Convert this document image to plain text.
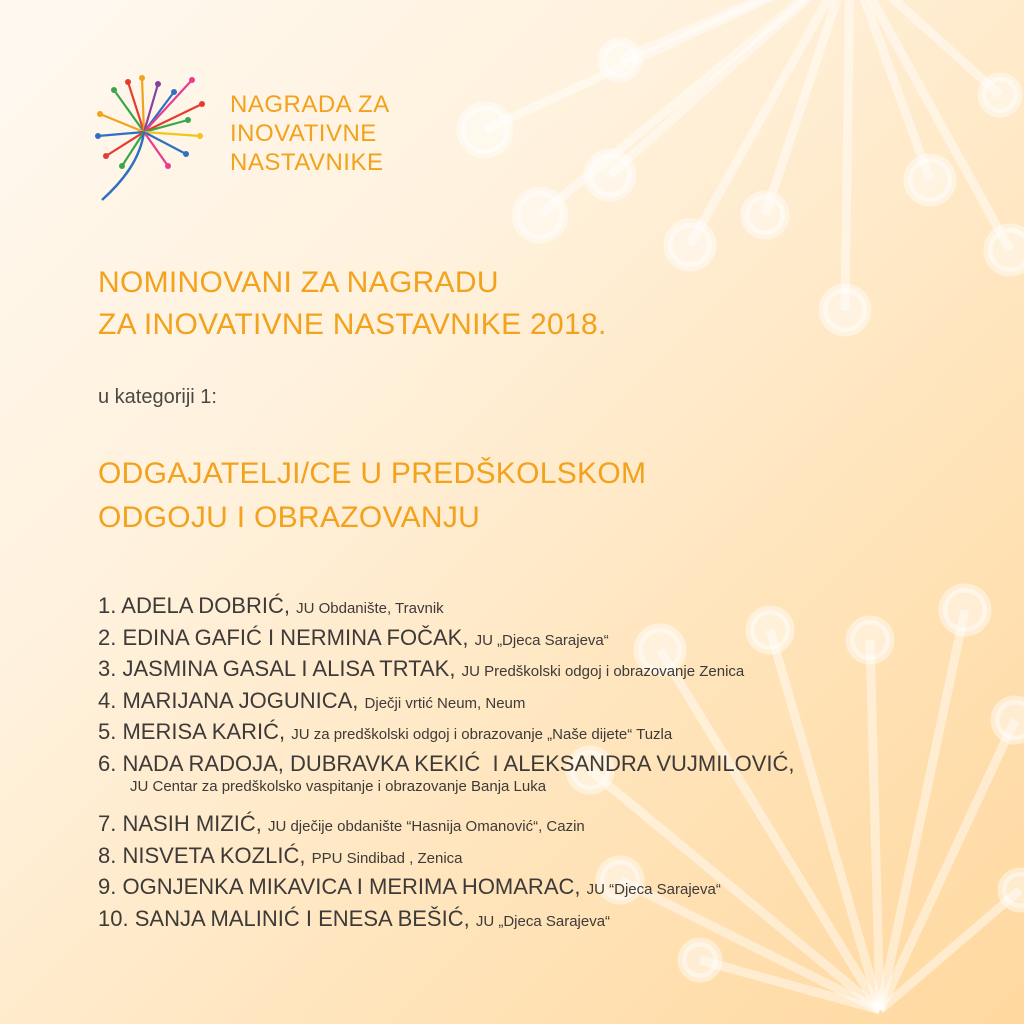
NAGRADA ZA
INOVATIVNE
NASTAVNIKE
NOMINOVANI ZA NAGRADU
ZA INOVATIVNE NASTAVNIKE 2018.
u kategoriji 1:
ODGAJATELJI/CE U PREDŠKOLSKOM
ODGOJU I OBRAZOVANJU
1. ADELA DOBRIĆ, JU Obdanište, Travnik
2. EDINA GAFIĆ I NERMINA FOČAK, JU „Djeca Sarajeva“
3. JASMINA GASAL I ALISA TRTAK, JU Predškolski odgoj i obrazovanje Zenica
4. MARIJANA JOGUNICA, Dječji vrtić Neum, Neum
5. MERISA KARIĆ, JU za predškolski odgoj i obrazovanje „Naše dijete“ Tuzla
6. NADA RADOJA, DUBRAVKA KEKIĆ  I ALEKSANDRA VUJMILOVIĆ,
JU Centar za predškolsko vaspitanje i obrazovanje Banja Luka
7. NASIH MIZIĆ, JU dječije obdanište “Hasnija Omanović“, Cazin
8. NISVETA KOZLIĆ, PPU Sindibad , Zenica
9. OGNJENKA MIKAVICA I MERIMA HOMARAC, JU “Djeca Sarajeva“
10. SANJA MALINIĆ I ENESA BEŠIĆ, JU „Djeca Sarajeva“
